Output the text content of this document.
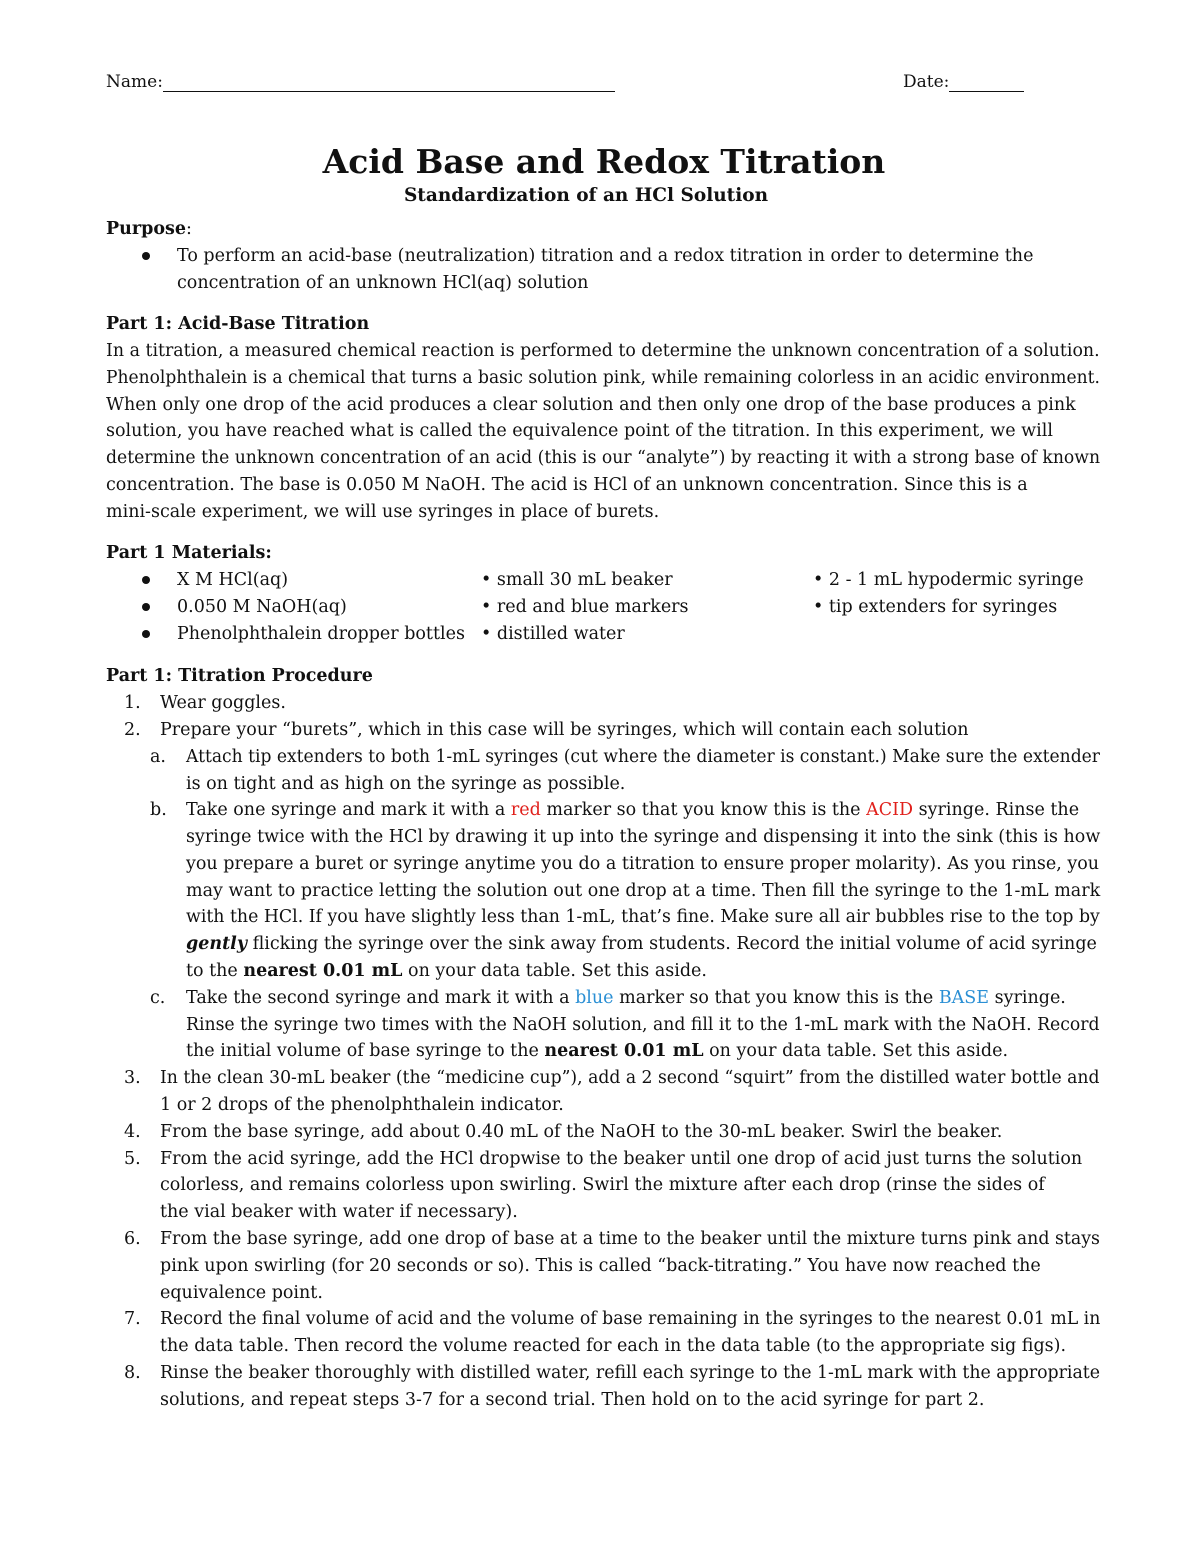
Name:	Date:
Acid Base and Redox Titration
Standardization of an HCl Solution
Purpose:
To perform an acid-base (neutralization) titration and a redox titration in order to determine the
concentration of an unknown HCl(aq) solution
Part 1: Acid-Base Titration
In a titration, a measured chemical reaction is performed to determine the unknown concentration of a solution.
Phenolphthalein is a chemical that turns a basic solution pink, while remaining colorless in an acidic environment.
When only one drop of the acid produces a clear solution and then only one drop of the base produces a pink
solution, you have reached what is called the equivalence point of the titration. In this experiment, we will
determine the unknown concentration of an acid (this is our “analyte”) by reacting it with a strong base of known
concentration. The base is 0.050 M NaOH. The acid is HCl of an unknown concentration. Since this is a
mini-scale experiment, we will use syringes in place of burets.
Part 1 Materials:
X M HCl(aq)
0.050 M NaOH(aq)
Phenolphthalein dropper bottles
• small 30 mL beaker
• red and blue markers
• distilled water
• 2 - 1 mL hypodermic syringe
• tip extenders for syringes
Part 1: Titration Procedure
1. Wear goggles.
2. Prepare your “burets”, which in this case will be syringes, which will contain each solution
a. Attach tip extenders to both 1-mL syringes (cut where the diameter is constant.) Make sure the extender
is on tight and as high on the syringe as possible.
b. Take one syringe and mark it with a red marker so that you know this is the ACID syringe. Rinse the
syringe twice with the HCl by drawing it up into the syringe and dispensing it into the sink (this is how
you prepare a buret or syringe anytime you do a titration to ensure proper molarity). As you rinse, you
may want to practice letting the solution out one drop at a time. Then fill the syringe to the 1-mL mark
with the HCl. If you have slightly less than 1-mL, that’s fine. Make sure all air bubbles rise to the top by
gently flicking the syringe over the sink away from students. Record the initial volume of acid syringe
to the nearest 0.01 mL on your data table. Set this aside.
c. Take the second syringe and mark it with a blue marker so that you know this is the BASE syringe.
Rinse the syringe two times with the NaOH solution, and fill it to the 1-mL mark with the NaOH. Record
the initial volume of base syringe to the nearest 0.01 mL on your data table. Set this aside.
3. In the clean 30-mL beaker (the “medicine cup”), add a 2 second “squirt” from the distilled water bottle and
1 or 2 drops of the phenolphthalein indicator.
4. From the base syringe, add about 0.40 mL of the NaOH to the 30-mL beaker. Swirl the beaker.
5. From the acid syringe, add the HCl dropwise to the beaker until one drop of acid just turns the solution
colorless, and remains colorless upon swirling. Swirl the mixture after each drop (rinse the sides of
the vial beaker with water if necessary).
6. From the base syringe, add one drop of base at a time to the beaker until the mixture turns pink and stays
pink upon swirling (for 20 seconds or so). This is called “back-titrating.” You have now reached the
equivalence point.
7. Record the final volume of acid and the volume of base remaining in the syringes to the nearest 0.01 mL in
the data table. Then record the volume reacted for each in the data table (to the appropriate sig figs).
8. Rinse the beaker thoroughly with distilled water, refill each syringe to the 1-mL mark with the appropriate
solutions, and repeat steps 3-7 for a second trial. Then hold on to the acid syringe for part 2.
